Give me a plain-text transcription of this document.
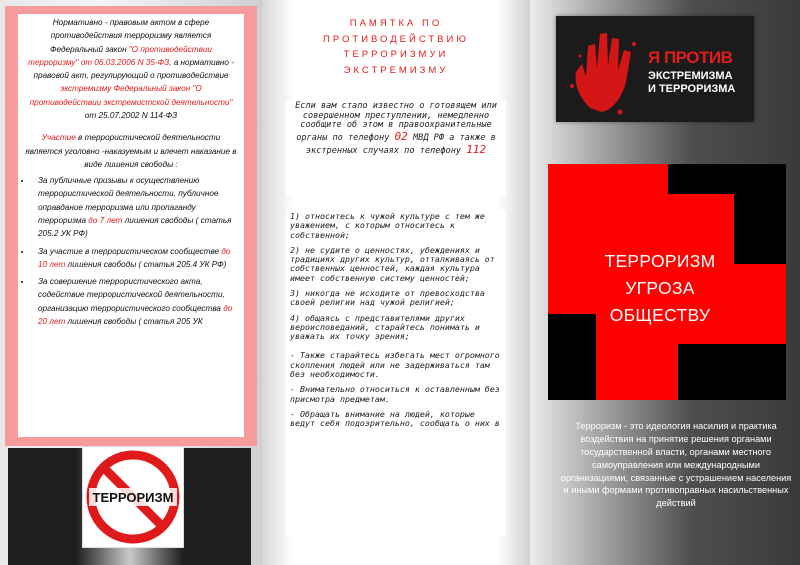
Нормативно - правовым актом в сфере противодействия терроризму является Федеральный закон "О противодействии терроризму" от 06.03.2006 N 35-ФЗ, а нормативно - правовой акт, регулирующий о противодействие экстремизму Федеральный закон "О противодействии экстремистской деятельности" от 25.07.2002 N 114-ФЗ
Участие в террористической деятельности является уголовно -наказуемым и влечет наказание в виде лишения свободы :
• За публичные призывы к осуществлению террористической деятельности, публичное оправдание терроризма или пропаганду терроризма до 7 лет лишения свободы ( статья 205.2 УК РФ)
• За участие в террористическом сообществе до 10 лет лишения свободы ( статья 205.4 УК РФ)
• За совершение террористического акта, содействие террористической деятельности, организацию террористического сообщества до 20 лет лишения свободы ( статья 205 УК
ТЕРРОРИЗМ
ПАМЯТКА ПО
ПРОТИВОДЕЙСТВИЮ
ТЕРРОРИЗМУИ
ЭКСТРЕМИЗМУ
Если вам стало известно о готовящем или совершенном преступлении, немедленно сообщите об этом в правоохранительные органы по телефону 02 МВД РФ а также в экстренных случаях по телефону 112

1) относитесь к чужой культуре с тем же уважением, с которым относитесь к собственной;

2) не судите о ценностях, убеждениях и традициях других культур, отталкиваясь от собственных ценностей, каждая культура имеет собственную систему ценностей;

3) никогда не исходите от превосходства своей религии над чужой религией;

4) общаясь с представителями других вероисповеданий, старайтесь понимать и уважать их точку зрения;

- Также старайтесь избегать мест огромного скопления людей или не задерживаться там без необходимости.

- Внимательно относиться к оставленным без присмотра предметам.

- Обращать внимание на людей, которые ведут себя подозрительно, сообщать о них в

Я ПРОТИВ
ЭКСТРЕМИЗМА
И ТЕРРОРИЗМА
ТЕРРОРИЗМ
УГРОЗА
ОБЩЕСТВУ
Терроризм - это идеология насилия и практика воздействия на принятие решения органами государственной власти, органами местного самоуправления или международными организациями, связанные с устрашением населения и иными формами противоправных насильственных действий
